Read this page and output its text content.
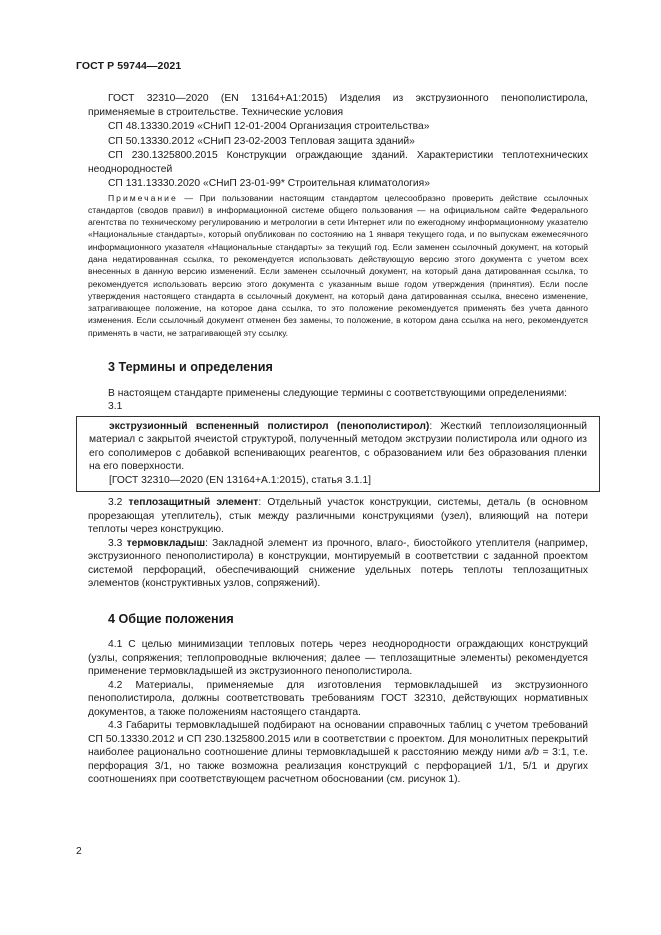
ГОСТ Р 59744—2021

ГОСТ 32310—2020 (EN 13164+A1:2015) Изделия из экструзионного пенополистирола, применяемые в строительстве. Технические условия

СП 48.13330.2019 «СНиП 12-01-2004 Организация строительства»

СП 50.13330.2012 «СНиП 23-02-2003 Тепловая защита зданий»

СП 230.1325800.2015 Конструкции ограждающие зданий. Характеристики теплотехнических неоднородностей

СП 131.13330.2020 «СНиП 23-01-99* Строительная климатология»

Примечание — При пользовании настоящим стандартом целесообразно проверить действие ссылочных стандартов (сводов правил) в информационной системе общего пользования — на официальном сайте Федерального агентства по техническому регулированию и метрологии в сети Интернет или по ежегодному информационному указателю «Национальные стандарты», который опубликован по состоянию на 1 января текущего года, и по выпускам ежемесячного информационного указателя «Национальные стандарты» за текущий год. Если заменен ссылочный документ, на который дана недатированная ссылка, то рекомендуется использовать действующую версию этого документа с учетом всех внесенных в данную версию изменений. Если заменен ссылочный документ, на который дана датированная ссылка, то рекомендуется использовать версию этого документа с указанным выше годом утверждения (принятия). Если после утверждения настоящего стандарта в ссылочный документ, на который дана датированная ссылка, внесено изменение, затрагивающее положение, на которое дана ссылка, то это положение рекомендуется применять без учета данного изменения. Если ссылочный документ отменен без замены, то положение, в котором дана ссылка на него, рекомендуется применять в части, не затрагивающей эту ссылку.

3 Термины и определения

В настоящем стандарте применены следующие термины с соответствующими определениями:

3.1

экструзионный вспененный полистирол (пенополистирол): Жесткий теплоизоляционный материал с закрытой ячеистой структурой, полученный методом экструзии полистирола или одного из его сополимеров с добавкой вспенивающих реагентов, с образованием или без образования пленки на его поверхности.

[ГОСТ 32310—2020 (EN 13164+A.1:2015), статья 3.1.1]

3.2 теплозащитный элемент: Отдельный участок конструкции, системы, деталь (в основном прорезающая утеплитель), стык между различными конструкциями (узел), влияющий на потери теплоты через конструкцию.

3.3 термовкладыш: Закладной элемент из прочного, влаго-, биостойкого утеплителя (например, экструзионного пенополистирола) в конструкции, монтируемый в соответствии с заданной проектом системой перфораций, обеспечивающий снижение удельных потерь теплоты теплозащитных элементов (конструктивных узлов, сопряжений).

4 Общие положения

4.1 С целью минимизации тепловых потерь через неоднородности ограждающих конструкций (узлы, сопряжения; теплопроводные включения; далее — теплозащитные элементы) рекомендуется применение термовкладышей из экструзионного пенополистирола.

4.2 Материалы, применяемые для изготовления термовкладышей из экструзионного пенополистирола, должны соответствовать требованиям ГОСТ 32310, действующих нормативных документов, а также положениям настоящего стандарта.

4.3 Габариты термовкладышей подбирают на основании справочных таблиц с учетом требований СП 50.13330.2012 и СП 230.1325800.2015 или в соответствии с проектом. Для монолитных перекрытий наиболее рационально соотношение длины термовкладышей к расстоянию между ними a/b = 3:1, т.е. перфорация 3/1, но также возможна реализация конструкций с перфорацией 1/1, 5/1 и других соотношениях при соответствующем расчетном обосновании (см. рисунок 1).

2
